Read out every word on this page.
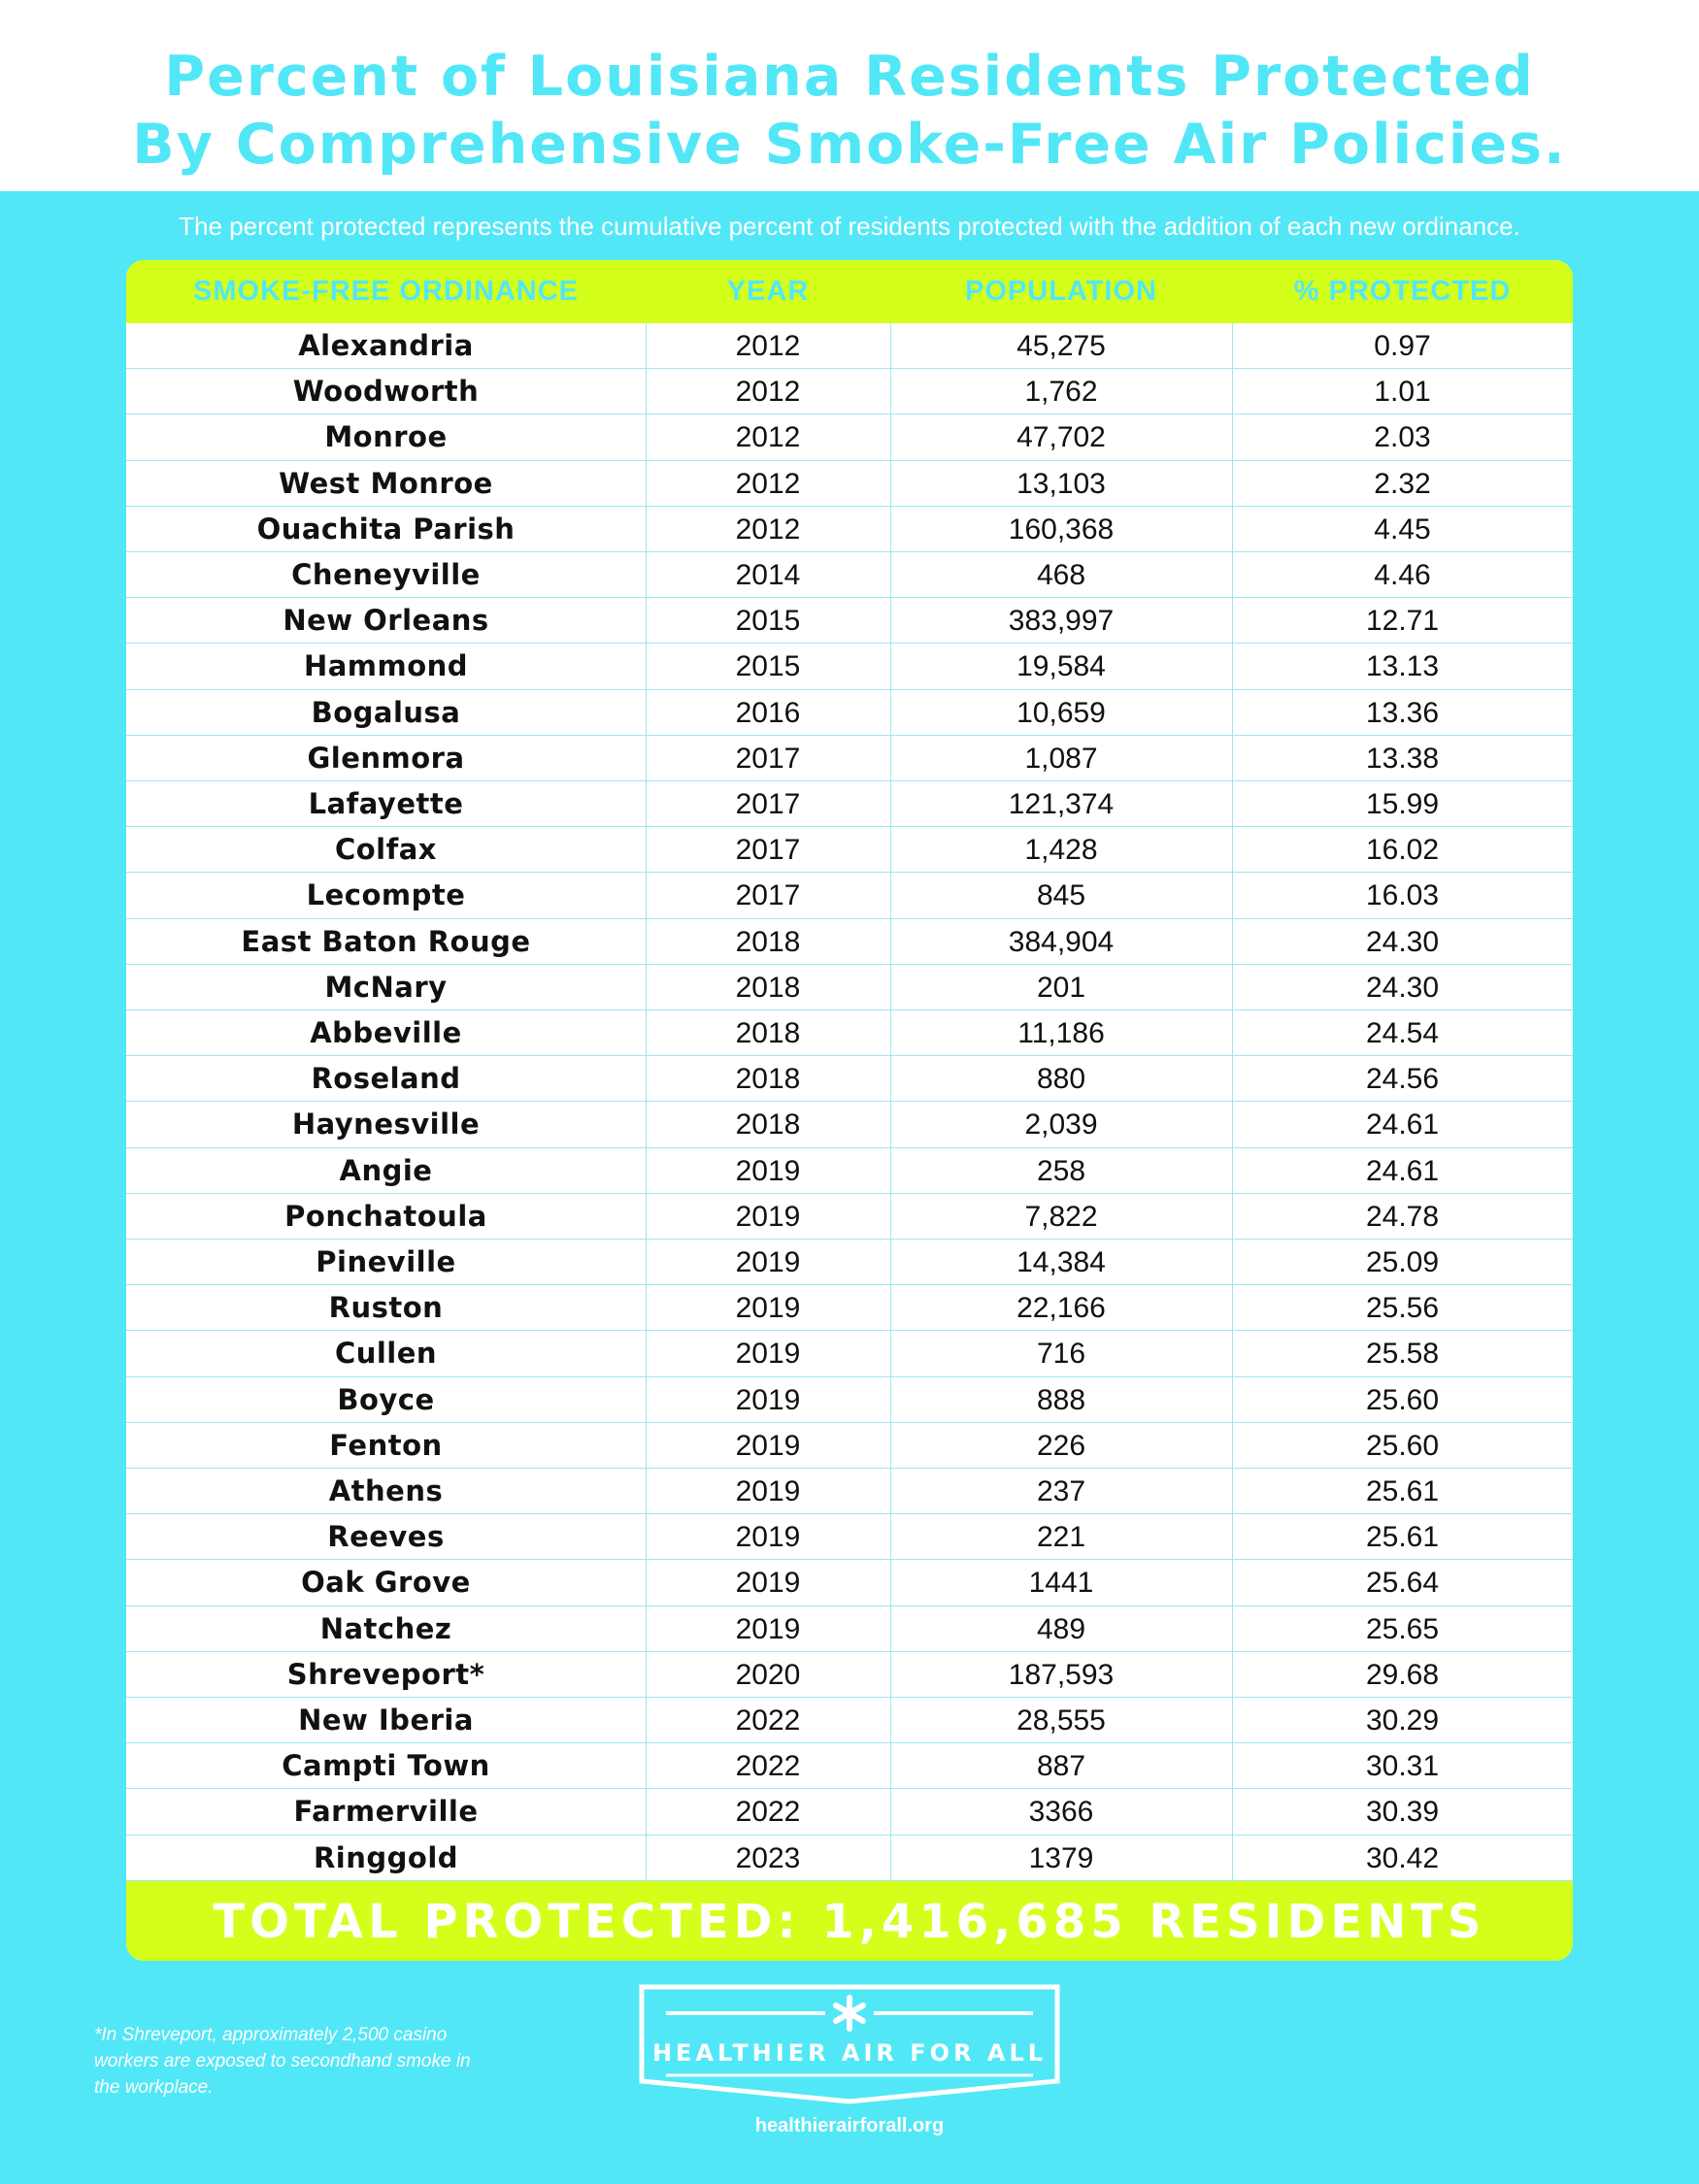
Percent of Louisiana Residents Protected
By Comprehensive Smoke-Free Air Policies.
The percent protected represents the cumulative percent of residents protected with the addition of each new ordinance.
SMOKE-FREE ORDINANCE	YEAR	POPULATION	% PROTECTED
Alexandria	2012	45,275	0.97
Woodworth	2012	1,762	1.01
Monroe	2012	47,702	2.03
West Monroe	2012	13,103	2.32
Ouachita Parish	2012	160,368	4.45
Cheneyville	2014	468	4.46
New Orleans	2015	383,997	12.71
Hammond	2015	19,584	13.13
Bogalusa	2016	10,659	13.36
Glenmora	2017	1,087	13.38
Lafayette	2017	121,374	15.99
Colfax	2017	1,428	16.02
Lecompte	2017	845	16.03
East Baton Rouge	2018	384,904	24.30
McNary	2018	201	24.30
Abbeville	2018	11,186	24.54
Roseland	2018	880	24.56
Haynesville	2018	2,039	24.61
Angie	2019	258	24.61
Ponchatoula	2019	7,822	24.78
Pineville	2019	14,384	25.09
Ruston	2019	22,166	25.56
Cullen	2019	716	25.58
Boyce	2019	888	25.60
Fenton	2019	226	25.60
Athens	2019	237	25.61
Reeves	2019	221	25.61
Oak Grove	2019	1441	25.64
Natchez	2019	489	25.65
Shreveport*	2020	187,593	29.68
New Iberia	2022	28,555	30.29
Campti Town	2022	887	30.31
Farmerville	2022	3366	30.39
Ringgold	2023	1379	30.42
TOTAL PROTECTED: 1,416,685 RESIDENTS
*In Shreveport, approximately 2,500 casino workers are exposed to secondhand smoke in the workplace.
HEALTHIER AIR FOR ALL
healthierairforall.org
